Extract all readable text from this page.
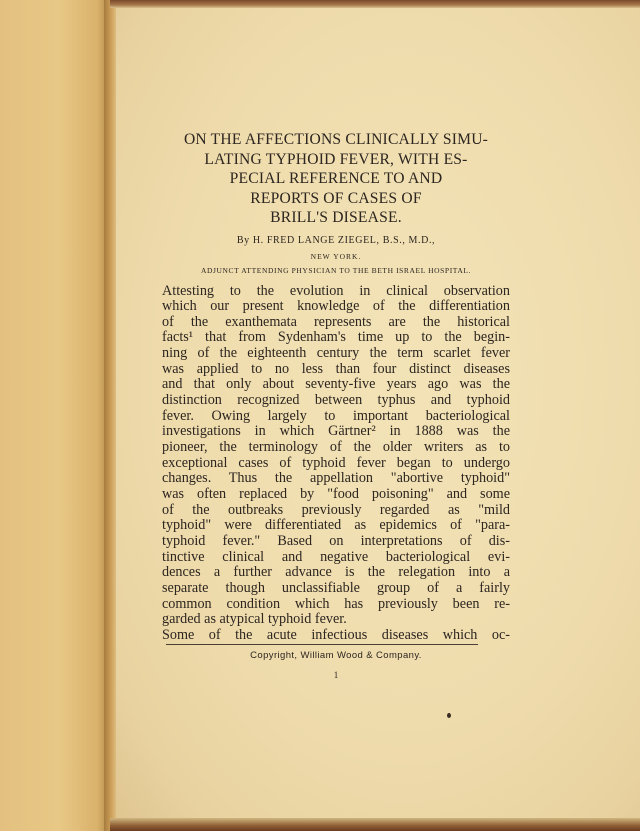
ON THE AFFECTIONS CLINICALLY SIMU-
LATING TYPHOID FEVER, WITH ES-
PECIAL REFERENCE TO AND
REPORTS OF CASES OF
BRILL'S DISEASE.

By H. FRED LANGE ZIEGEL, B.S., M.D.,

NEW YORK.

ADJUNCT ATTENDING PHYSICIAN TO THE BETH ISRAEL HOSPITAL.

Attesting to the evolution in clinical observation
which our present knowledge of the differentiation
of the exanthemata represents are the historical
facts¹ that from Sydenham's time up to the begin-
ning of the eighteenth century the term scarlet fever
was applied to no less than four distinct diseases
and that only about seventy-five years ago was the
distinction recognized between typhus and typhoid
fever. Owing largely to important bacteriological
investigations in which Gärtner² in 1888 was the
pioneer, the terminology of the older writers as to
exceptional cases of typhoid fever began to undergo
changes. Thus the appellation "abortive typhoid"
was often replaced by "food poisoning" and some
of the outbreaks previously regarded as "mild
typhoid" were differentiated as epidemics of "para-
typhoid fever." Based on interpretations of dis-
tinctive clinical and negative bacteriological evi-
dences a further advance is the relegation into a
separate though unclassifiable group of a fairly
common condition which has previously been re-
garded as atypical typhoid fever.
Some of the acute infectious diseases which oc-
Copyright, William Wood & Company.
1
